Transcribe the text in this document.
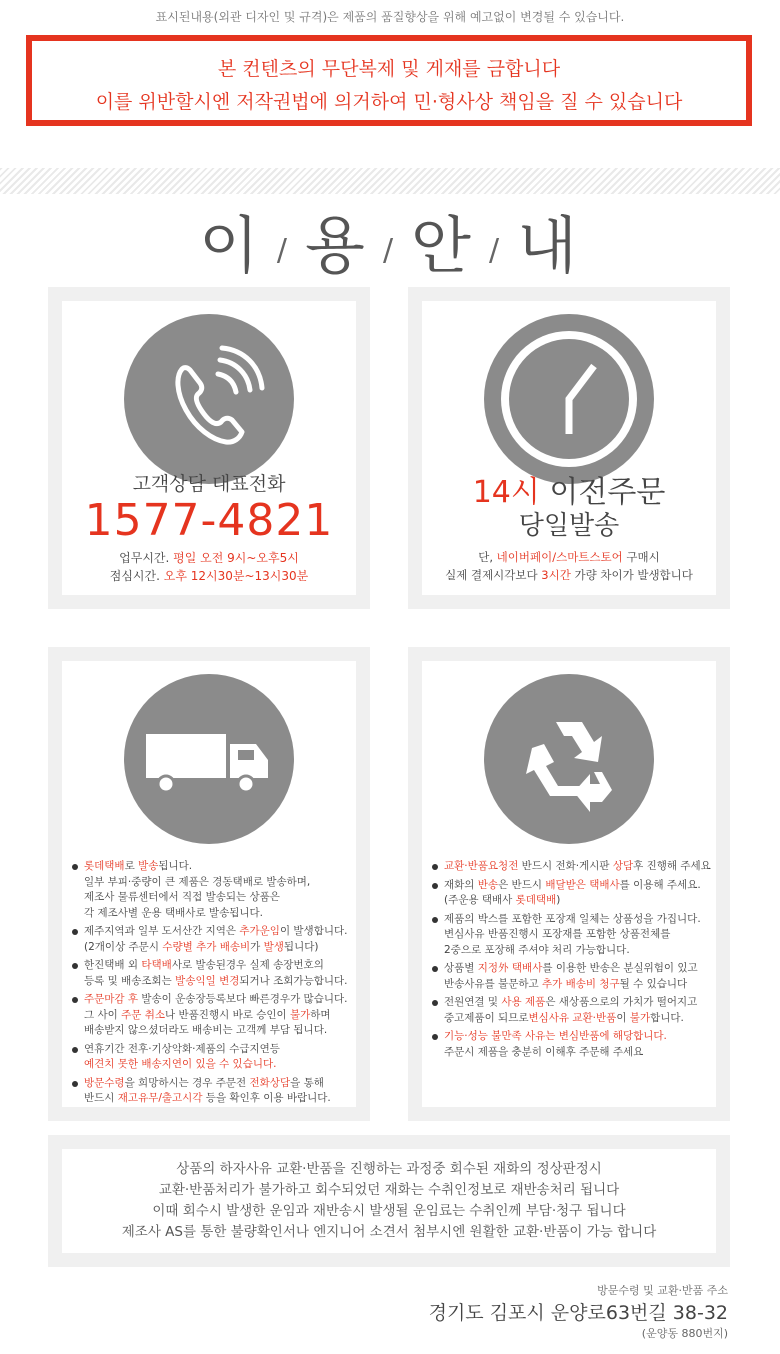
표시된내용(외관 디자인 및 규격)은 제품의 품질향상을 위해 예고없이 변경될 수 있습니다.
본 컨텐츠의 무단복제 및 게재를 금합니다
이를 위반할시엔 저작권법에 의거하여 민·형사상 책임을 질 수 있습니다
이 / 용 / 안 / 내
고객상담 대표전화
1577-4821
업무시간. 평일 오전 9시~오후5시
점심시간. 오후 12시30분~13시30분
14시 이전주문
당일발송
단, 네이버페이/스마트스토어 구매시
실제 결제시각보다 3시간 가량 차이가 발생합니다
롯데택배로 발송됩니다.
일부 부피·중량이 큰 제품은 경동택배로 발송하며,
제조사 물류센터에서 직접 발송되는 상품은
각 제조사별 운용 택배사로 발송됩니다.
제주지역과 일부 도서산간 지역은 추가운임이 발생합니다.
(2개이상 주문시 수량별 추가 배송비가 발생됩니다)
한진택배 외 타택배사로 발송된경우 실제 송장번호의
등록 및 배송조회는 발송익일 변경되거나 조회가능합니다.
주문마감 후 발송이 운송장등록보다 빠른경우가 많습니다.
그 사이 주문 취소나 반품진행시 바로 승인이 불가하며
배송받지 않으셨더라도 배송비는 고객께 부담 됩니다.
연휴기간 전후·기상악화·제품의 수급지연등
예견치 못한 배송지연이 있을 수 있습니다.
방문수령을 희망하시는 경우 주문전 전화상담을 통해
반드시 재고유무/출고시각 등을 확인후 이용 바랍니다.
교환·반품요청전 반드시 전화·게시판 상담후 진행해 주세요
재화의 반송은 반드시 배달받은 택배사를 이용해 주세요.
(주운용 택배사 롯데택배)
제품의 박스를 포함한 포장재 일체는 상품성을 가집니다.
변심사유 반품진행시 포장재를 포함한 상품전체를
2중으로 포장해 주셔야 처리 가능합니다.
상품별 지정外 택배사를 이용한 반송은 분실위험이 있고
반송사유를 불문하고 추가 배송비 청구될 수 있습니다
전원연결 및 사용 제품은 새상품으로의 가치가 떨어지고
중고제품이 되므로변심사유 교환·반품이 불가합니다.
기능·성능 불만족 사유는 변심반품에 해당합니다.
주문시 제품을 충분히 이해후 주문해 주세요
상품의 하자사유 교환·반품을 진행하는 과정중 회수된 재화의 정상판정시
교환·반품처리가 불가하고 회수되었던 재화는 수취인정보로 재반송처리 됩니다
이때 회수시 발생한 운임과 재반송시 발생될 운임료는 수취인께 부담·청구 됩니다
제조사 AS를 통한 불량확인서나 엔지니어 소견서 첨부시엔 원활한 교환·반품이 가능 합니다
방문수령 및 교환·반품 주소
경기도 김포시 운양로63번길 38-32
(운양동 880번지)
